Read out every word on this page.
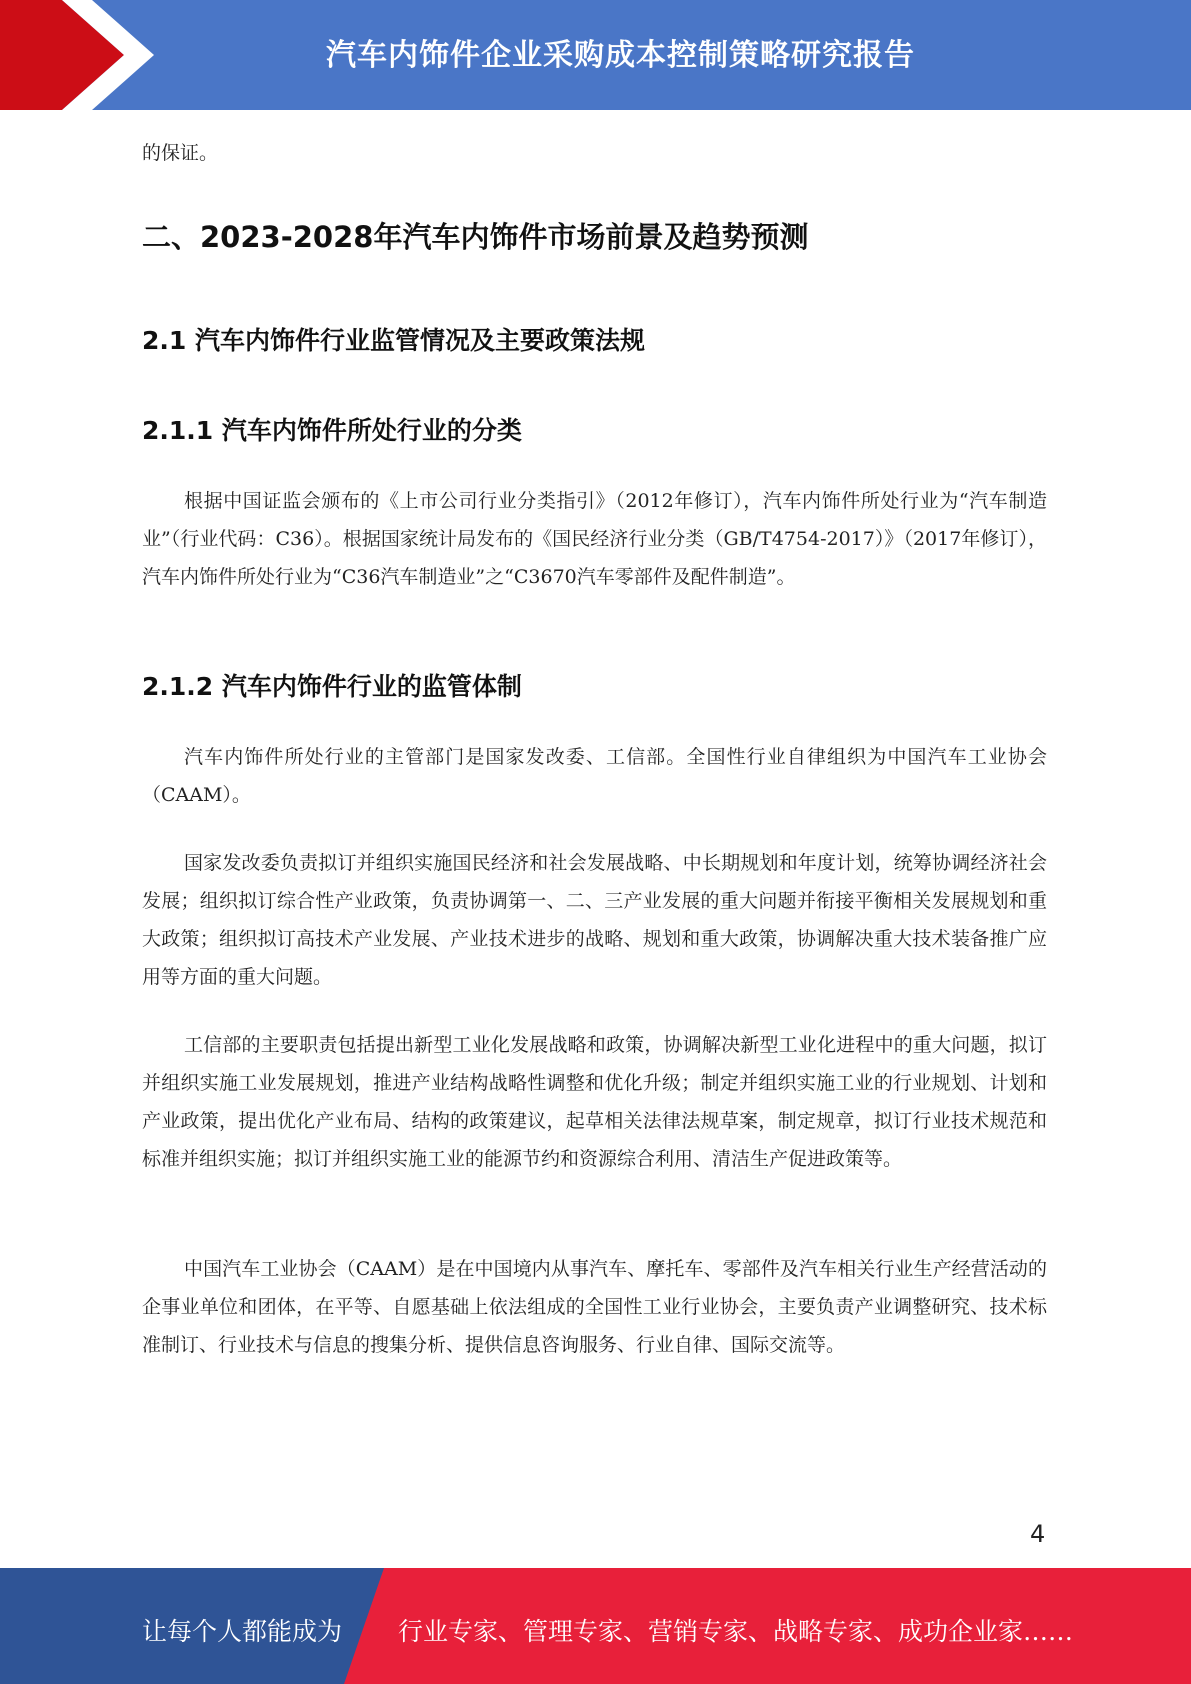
汽车内饰件企业采购成本控制策略研究报告

的保证。

二、2023-2028年汽车内饰件市场前景及趋势预测
2.1 汽车内饰件行业监管情况及主要政策法规
2.1.1 汽车内饰件所处行业的分类

根据中国证监会颁布的《上市公司行业分类指引》（2012年修订），汽车内饰件所处行业为“汽车制造业”（行业代码：C36）。根据国家统计局发布的《国民经济行业分类（GB/T4754-2017）》（2017年修订），汽车内饰件所处行业为“C36汽车制造业”之“C3670汽车零部件及配件制造”。

2.1.2 汽车内饰件行业的监管体制

汽车内饰件所处行业的主管部门是国家发改委、工信部。全国性行业自律组织为中国汽车工业协会（CAAM）。

国家发改委负责拟订并组织实施国民经济和社会发展战略、中长期规划和年度计划，统筹协调经济社会发展；组织拟订综合性产业政策，负责协调第一、二、三产业发展的重大问题并衔接平衡相关发展规划和重大政策；组织拟订高技术产业发展、产业技术进步的战略、规划和重大政策，协调解决重大技术装备推广应用等方面的重大问题。

工信部的主要职责包括提出新型工业化发展战略和政策，协调解决新型工业化进程中的重大问题，拟订并组织实施工业发展规划，推进产业结构战略性调整和优化升级；制定并组织实施工业的行业规划、计划和产业政策，提出优化产业布局、结构的政策建议，起草相关法律法规草案，制定规章，拟订行业技术规范和标准并组织实施；拟订并组织实施工业的能源节约和资源综合利用、清洁生产促进政策等。

中国汽车工业协会（CAAM）是在中国境内从事汽车、摩托车、零部件及汽车相关行业生产经营活动的企事业单位和团体，在平等、自愿基础上依法组成的全国性工业行业协会，主要负责产业调整研究、技术标准制订、行业技术与信息的搜集分析、提供信息咨询服务、行业自律、国际交流等。

4
让每个人都能成为 行业专家、管理专家、营销专家、战略专家、成功企业家……
